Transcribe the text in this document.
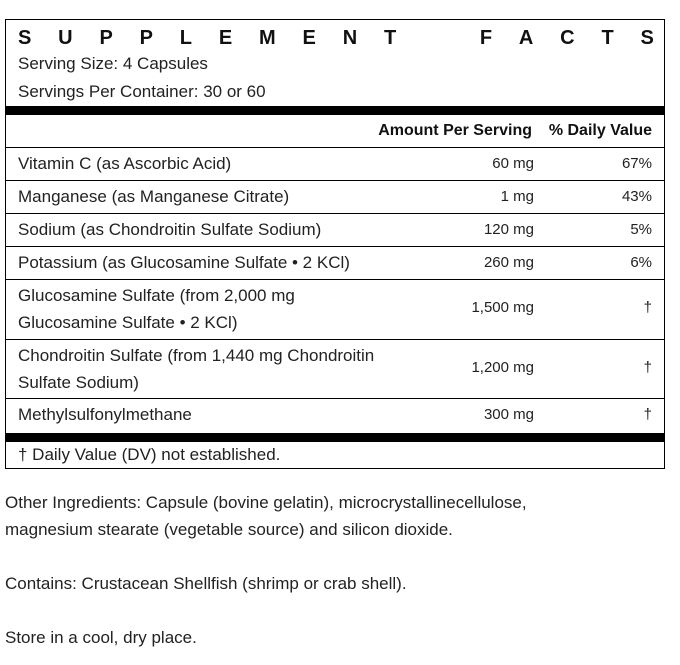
S U P P L E M E N T	F A C T S
Serving Size: 4 Capsules
Servings Per Container: 30 or 60
Amount Per Serving % Daily Value
Vitamin C (as Ascorbic Acid)	60 mg	67%
Manganese (as Manganese Citrate)	1 mg	43%
Sodium (as Chondroitin Sulfate Sodium)	120 mg	5%
Potassium (as Glucosamine Sulfate • 2 KCl)	260 mg	6%
Glucosamine Sulfate (from 2,000 mg
Glucosamine Sulfate • 2 KCl)
1,500 mg	†
Chondroitin Sulfate (from 1,440 mg Chondroitin
Sulfate Sodium)
1,200 mg	†
Methylsulfonylmethane	300 mg	†
† Daily Value (DV) not established.
Other Ingredients: Capsule (bovine gelatin), microcrystallinecellulose,
magnesium stearate (vegetable source) and silicon dioxide.
Contains: Crustacean Shellfish (shrimp or crab shell).
Store in a cool, dry place.
